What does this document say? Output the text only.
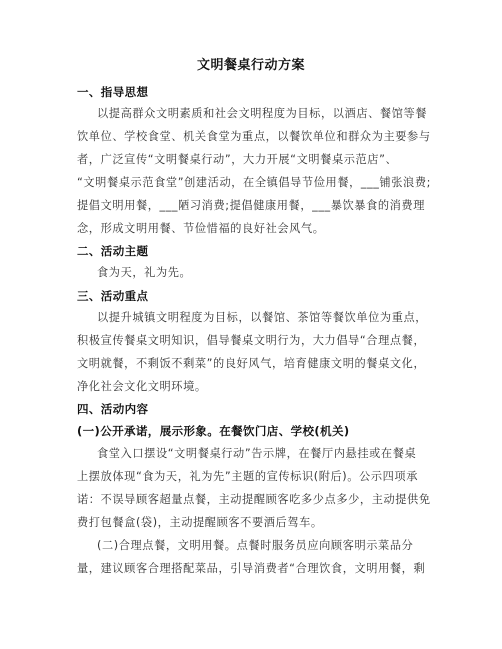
文明餐桌行动方案
一、指导思想
以提高群众文明素质和社会文明程度为目标，以酒店、餐馆等餐
饮单位、学校食堂、机关食堂为重点，以餐饮单位和群众为主要参与
者，广泛宣传“文明餐桌行动”，大力开展“文明餐桌示范店”、
“文明餐桌示范食堂”创建活动，在全镇倡导节俭用餐，___铺张浪费;
提倡文明用餐，___陋习消费;提倡健康用餐，___暴饮暴食的消费理
念，形成文明用餐、节俭惜福的良好社会风气。
二、活动主题
食为天，礼为先。
三、活动重点
以提升城镇文明程度为目标，以餐馆、茶馆等餐饮单位为重点，
积极宣传餐桌文明知识，倡导餐桌文明行为，大力倡导“合理点餐，
文明就餐，不剩饭不剩菜”的良好风气，培育健康文明的餐桌文化，
净化社会文化文明环境。
四、活动内容
(一)公开承诺，展示形象。在餐饮门店、学校(机关)
食堂入口摆设“文明餐桌行动”告示牌，在餐厅内悬挂或在餐桌
上摆放体现“食为天，礼为先”主题的宣传标识(附后)。公示四项承
诺：不误导顾客超量点餐，主动提醒顾客吃多少点多少，主动提供免
费打包餐盒(袋)，主动提醒顾客不要酒后驾车。
(二)合理点餐，文明用餐。点餐时服务员应向顾客明示菜品分
量，建议顾客合理搭配菜品，引导消费者“合理饮食，文明用餐，剩
